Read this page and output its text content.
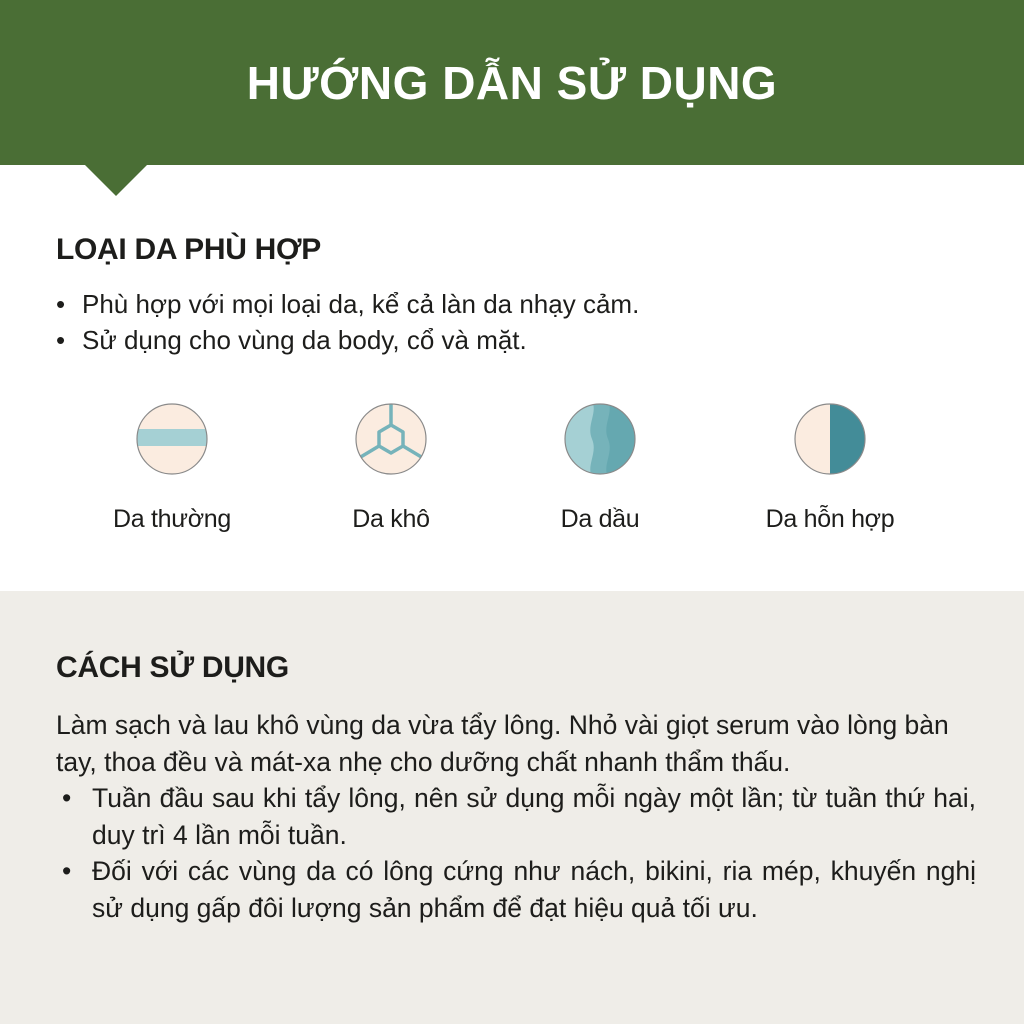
HƯỚNG DẪN SỬ DỤNG
LOẠI DA PHÙ HỢP
• Phù hợp với mọi loại da, kể cả làn da nhạy cảm.
• Sử dụng cho vùng da body, cổ và mặt.
Da thường	Da khô	Da dầu	Da hỗn hợp
CÁCH SỬ DỤNG

Làm sạch và lau khô vùng da vừa tẩy lông. Nhỏ vài giọt serum vào lòng bàn tay, thoa đều và mát-xa nhẹ cho dưỡng chất nhanh thẩm thấu.

• Tuần đầu sau khi tẩy lông, nên sử dụng mỗi ngày một lần; từ tuần thứ hai, duy trì 4 lần mỗi tuần.
• Đối với các vùng da có lông cứng như nách, bikini, ria mép, khuyến nghị sử dụng gấp đôi lượng sản phẩm để đạt hiệu quả tối ưu.
